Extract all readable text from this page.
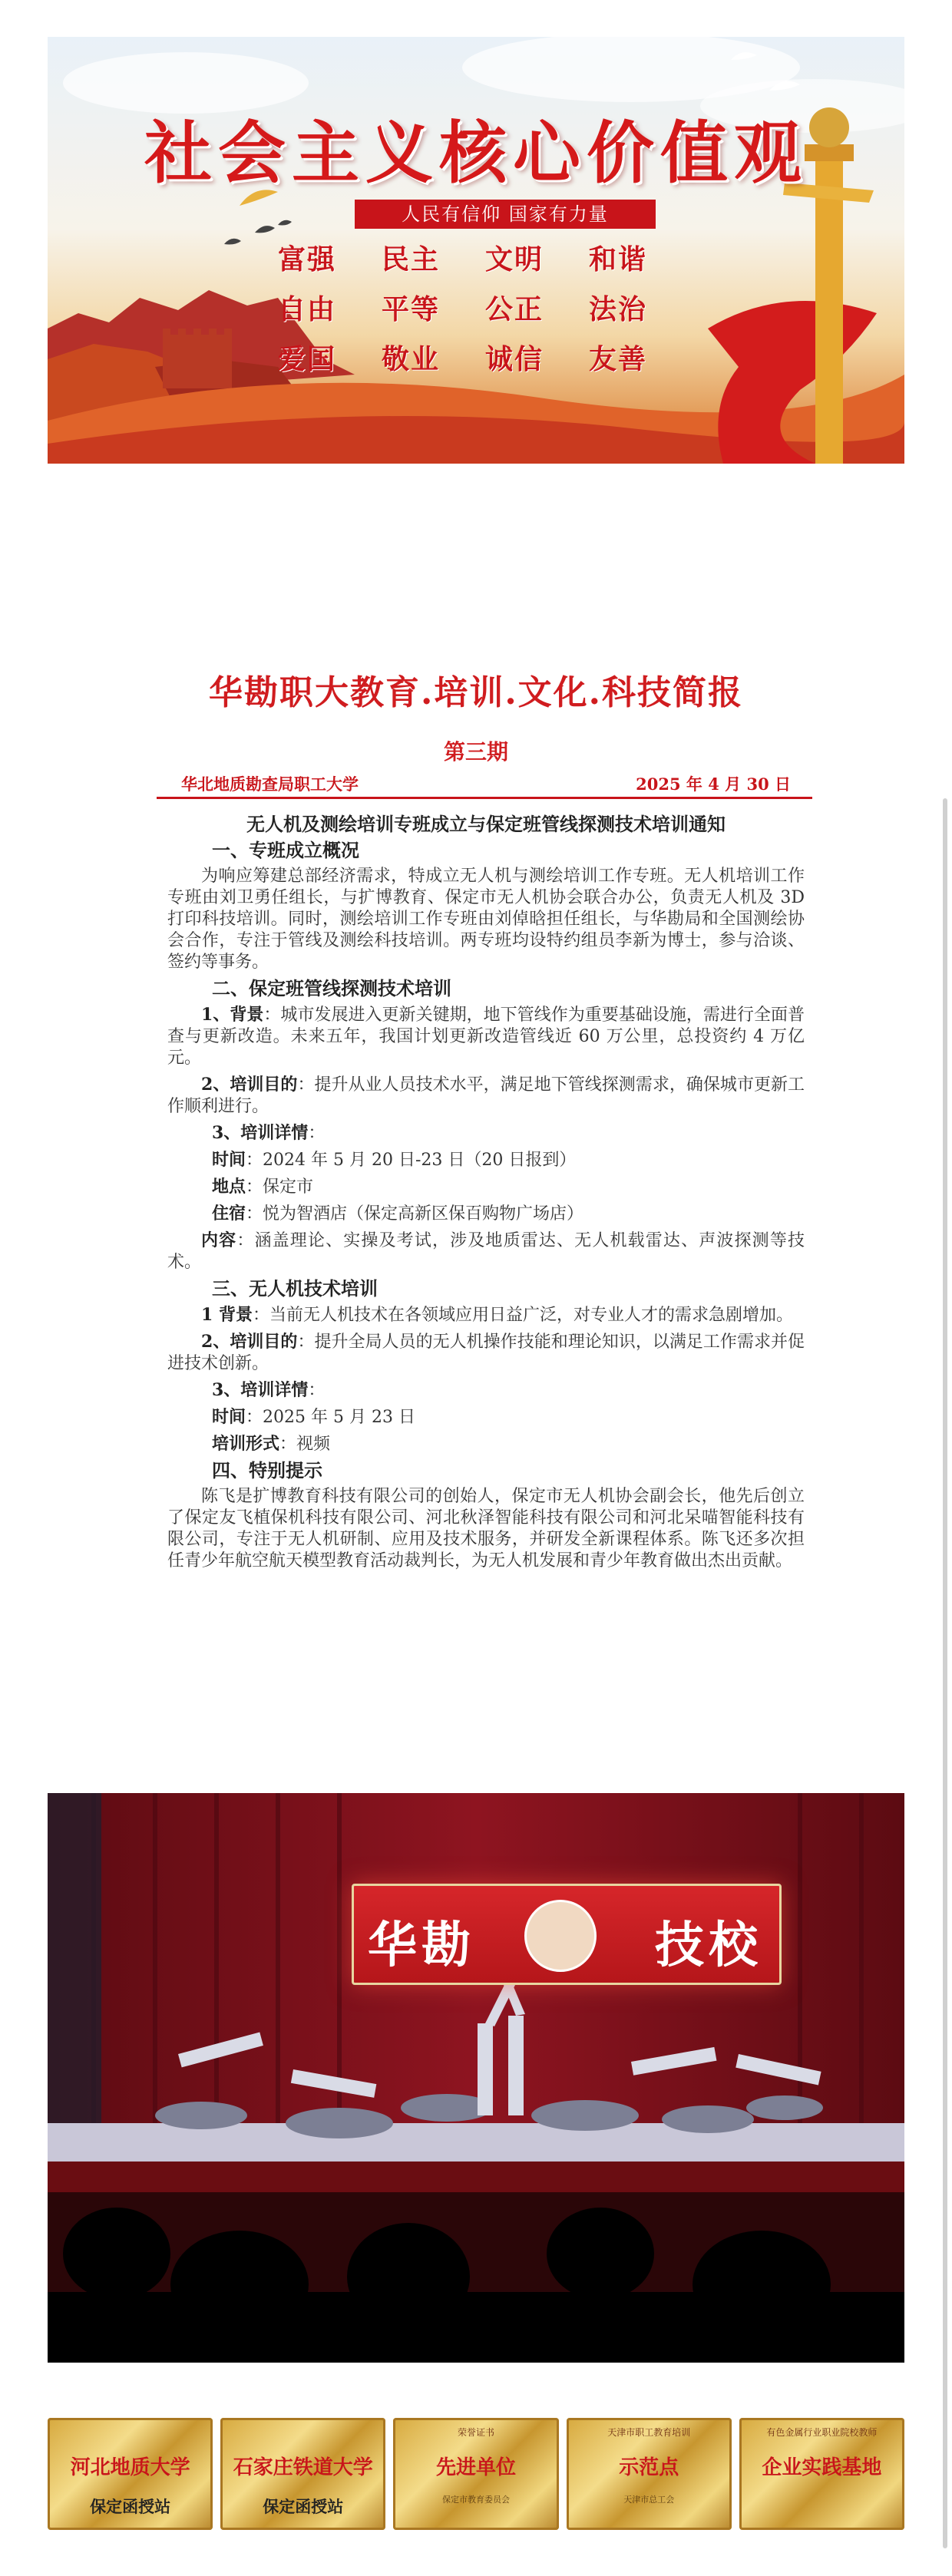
社会主义核心价值观
人民有信仰 国家有力量
富强	民主	文明	和谐
自由	平等	公正	法治
爱国	敬业	诚信	友善
华勘职大教育.培训.文化.科技简报
第三期
华北地质勘查局职工大学	2025 年 4 月 30 日
无人机及测绘培训专班成立与保定班管线探测技术培训通知
一、专班成立概况
为响应筹建总部经济需求，特成立无人机与测绘培训工作专班。无人机培训工作专班由刘卫勇任组长，与扩博教育、保定市无人机协会联合办公，负责无人机及 3D 打印科技培训。同时，测绘培训工作专班由刘倬晗担任组长，与华勘局和全国测绘协会合作，专注于管线及测绘科技培训。两专班均设特约组员李新为博士，参与洽谈、签约等事务。
二、保定班管线探测技术培训
1、背景：城市发展进入更新关键期，地下管线作为重要基础设施，需进行全面普查与更新改造。未来五年，我国计划更新改造管线近 60 万公里，总投资约 4 万亿元。
2、培训目的：提升从业人员技术水平，满足地下管线探测需求，确保城市更新工作顺利进行。
3、培训详情：
时间：2024 年 5 月 20 日-23 日（20 日报到）
地点：保定市
住宿：悦为智酒店（保定高新区保百购物广场店）
内容：涵盖理论、实操及考试，涉及地质雷达、无人机载雷达、声波探测等技术。
三、无人机技术培训
1 背景：当前无人机技术在各领域应用日益广泛，对专业人才的需求急剧增加。
2、培训目的：提升全局人员的无人机操作技能和理论知识，以满足工作需求并促进技术创新。
3、培训详情：
时间：2025 年 5 月 23 日
培训形式：视频
四、特别提示
陈飞是扩博教育科技有限公司的创始人，保定市无人机协会副会长，他先后创立了保定友飞植保机科技有限公司、河北秋泽智能科技有限公司和河北呆喵智能科技有限公司，专注于无人机研制、应用及技术服务，并研发全新课程体系。陈飞还多次担任青少年航空航天模型教育活动裁判长，为无人机发展和青少年教育做出杰出贡献。
华勘	技校
河北地质大学
保定函授站
石家庄铁道大学
保定函授站
荣誉证书
先进单位
保定市教育委员会
天津市职工教育培训
示范点
天津市总工会
有色金属行业职业院校教师
企业实践基地
